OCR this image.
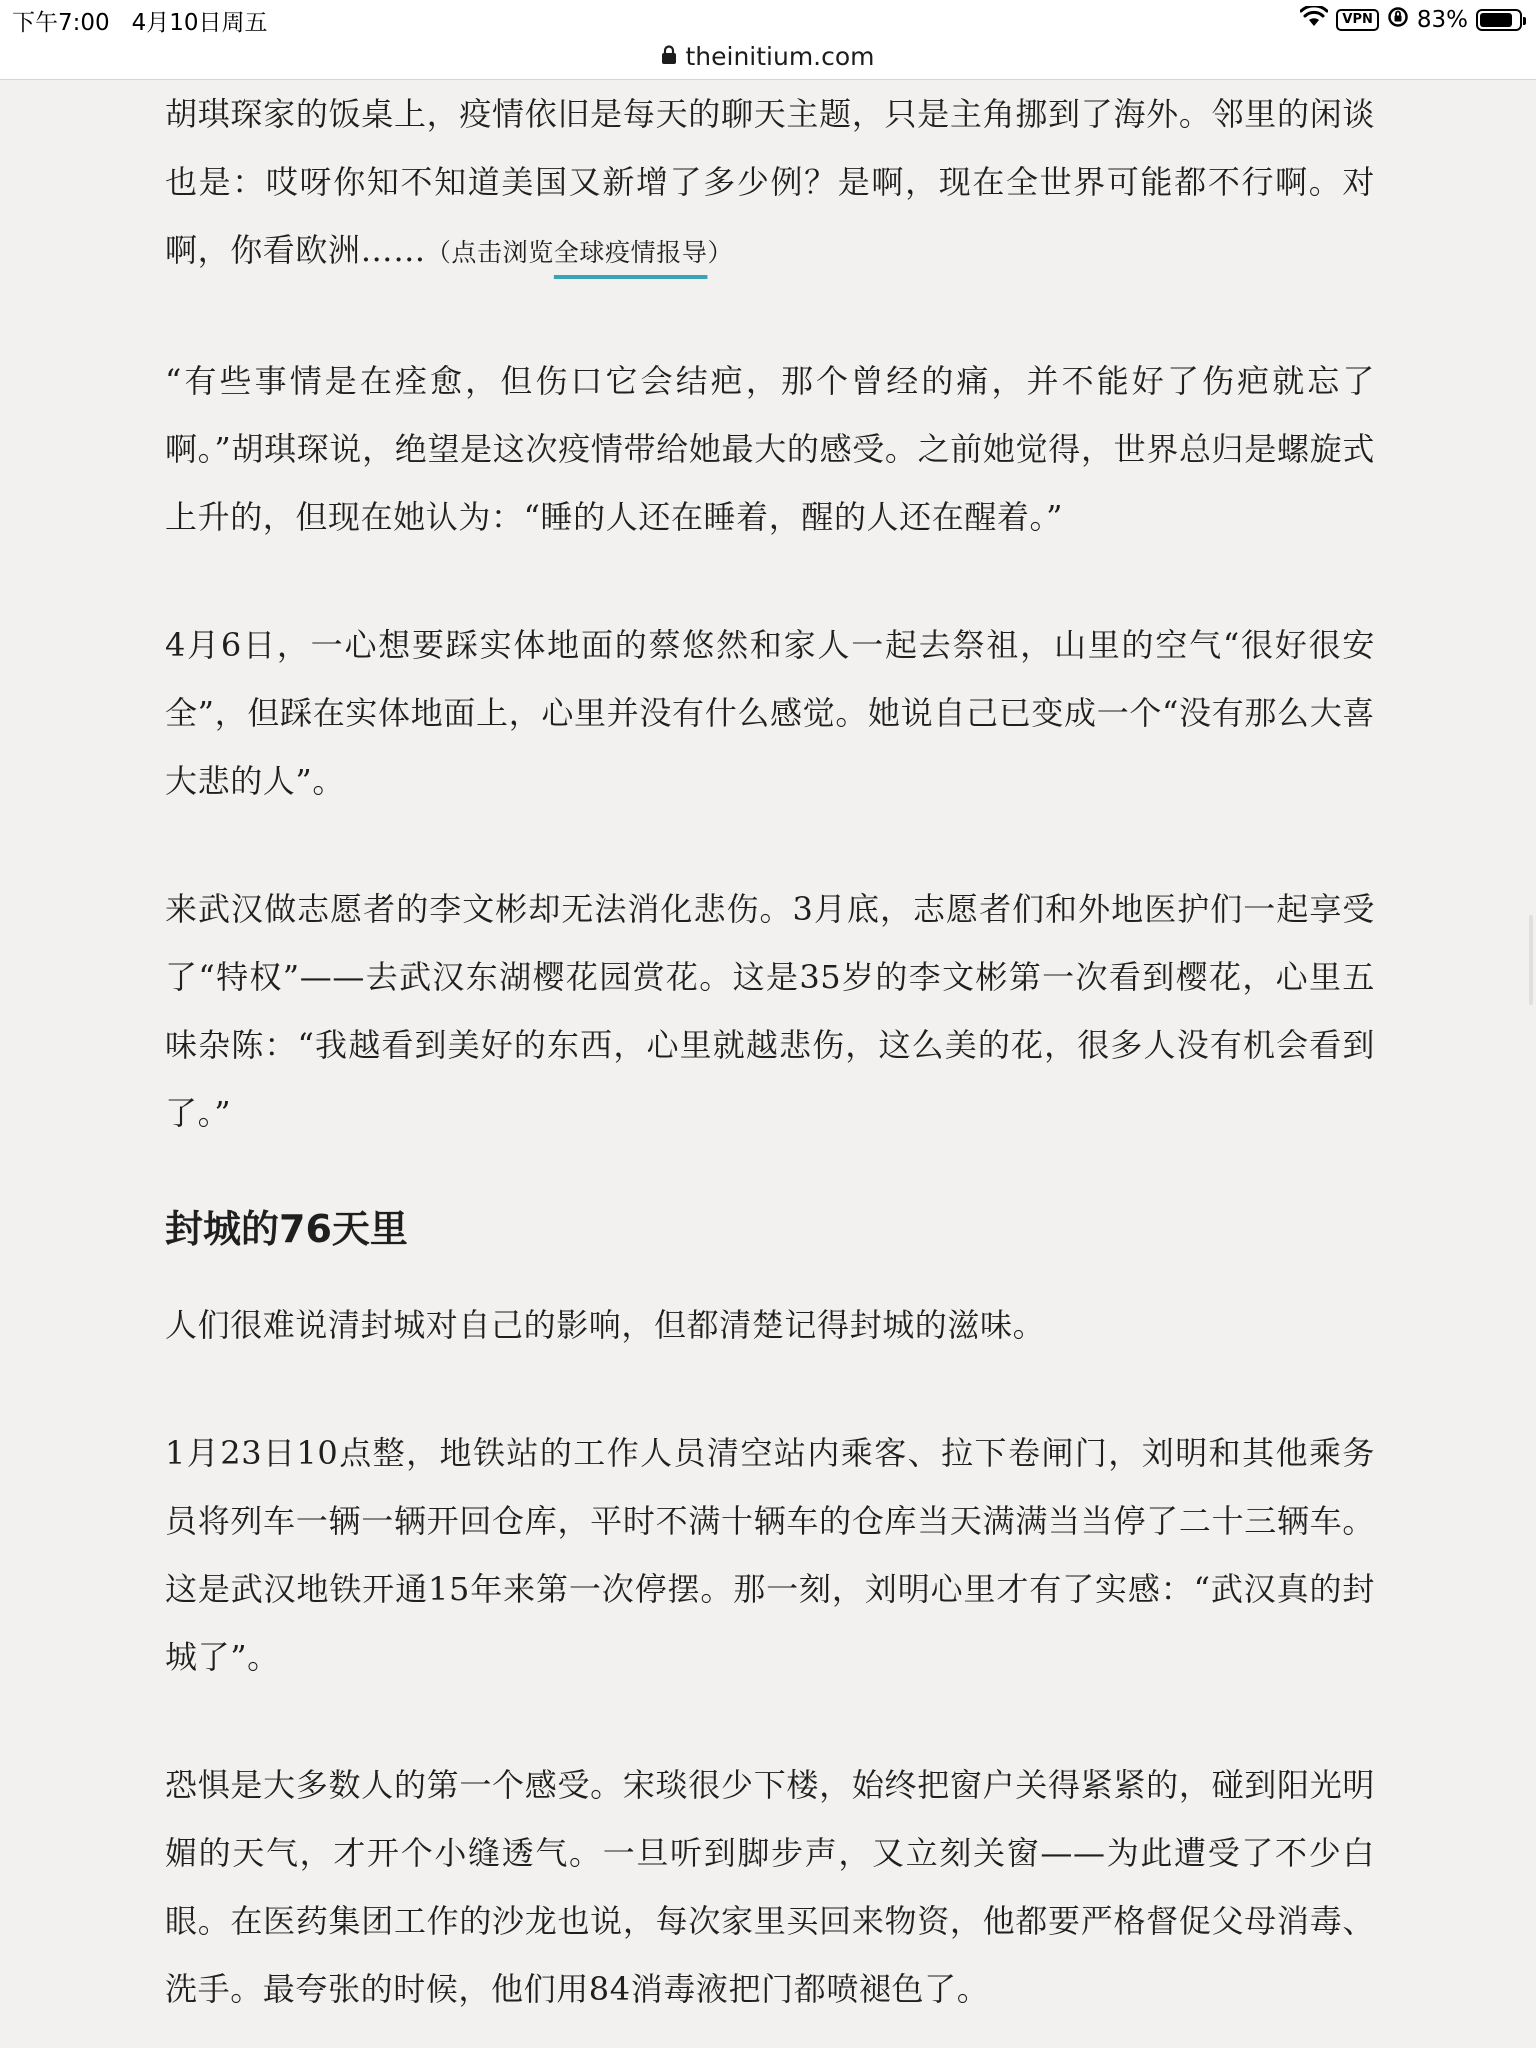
下午7:00 4月10日周五	VPN 83%
theinitium.com

胡琪琛家的饭桌上，疫情依旧是每天的聊天主题，只是主角挪到了海外。邻里的闲谈也是：哎呀你知不知道美国又新增了多少例？是啊，现在全世界可能都不行啊。对啊，你看欧洲……（点击浏览全球疫情报导）

“有些事情是在痊愈，但伤口它会结疤，那个曾经的痛，并不能好了伤疤就忘了啊。”胡琪琛说，绝望是这次疫情带给她最大的感受。之前她觉得，世界总归是螺旋式上升的，但现在她认为：“睡的人还在睡着，醒的人还在醒着。”

4月6日，一心想要踩实体地面的蔡悠然和家人一起去祭祖，山里的空气“很好很安全”，但踩在实体地面上，心里并没有什么感觉。她说自己已变成一个“没有那么大喜大悲的人”。

来武汉做志愿者的李文彬却无法消化悲伤。3月底，志愿者们和外地医护们一起享受了“特权”——去武汉东湖樱花园赏花。这是35岁的李文彬第一次看到樱花，心里五味杂陈：“我越看到美好的东西，心里就越悲伤，这么美的花，很多人没有机会看到了。”

封城的76天里

人们很难说清封城对自己的影响，但都清楚记得封城的滋味。

1月23日10点整，地铁站的工作人员清空站内乘客、拉下卷闸门，刘明和其他乘务员将列车一辆一辆开回仓库，平时不满十辆车的仓库当天满满当当停了二十三辆车。这是武汉地铁开通15年来第一次停摆。那一刻，刘明心里才有了实感：“武汉真的封城了”。

恐惧是大多数人的第一个感受。宋琰很少下楼，始终把窗户关得紧紧的，碰到阳光明媚的天气，才开个小缝透气。一旦听到脚步声，又立刻关窗——为此遭受了不少白眼。在医药集团工作的沙龙也说，每次家里买回来物资，他都要严格督促父母消毒、洗手。最夸张的时候，他们用84消毒液把门都喷褪色了。
